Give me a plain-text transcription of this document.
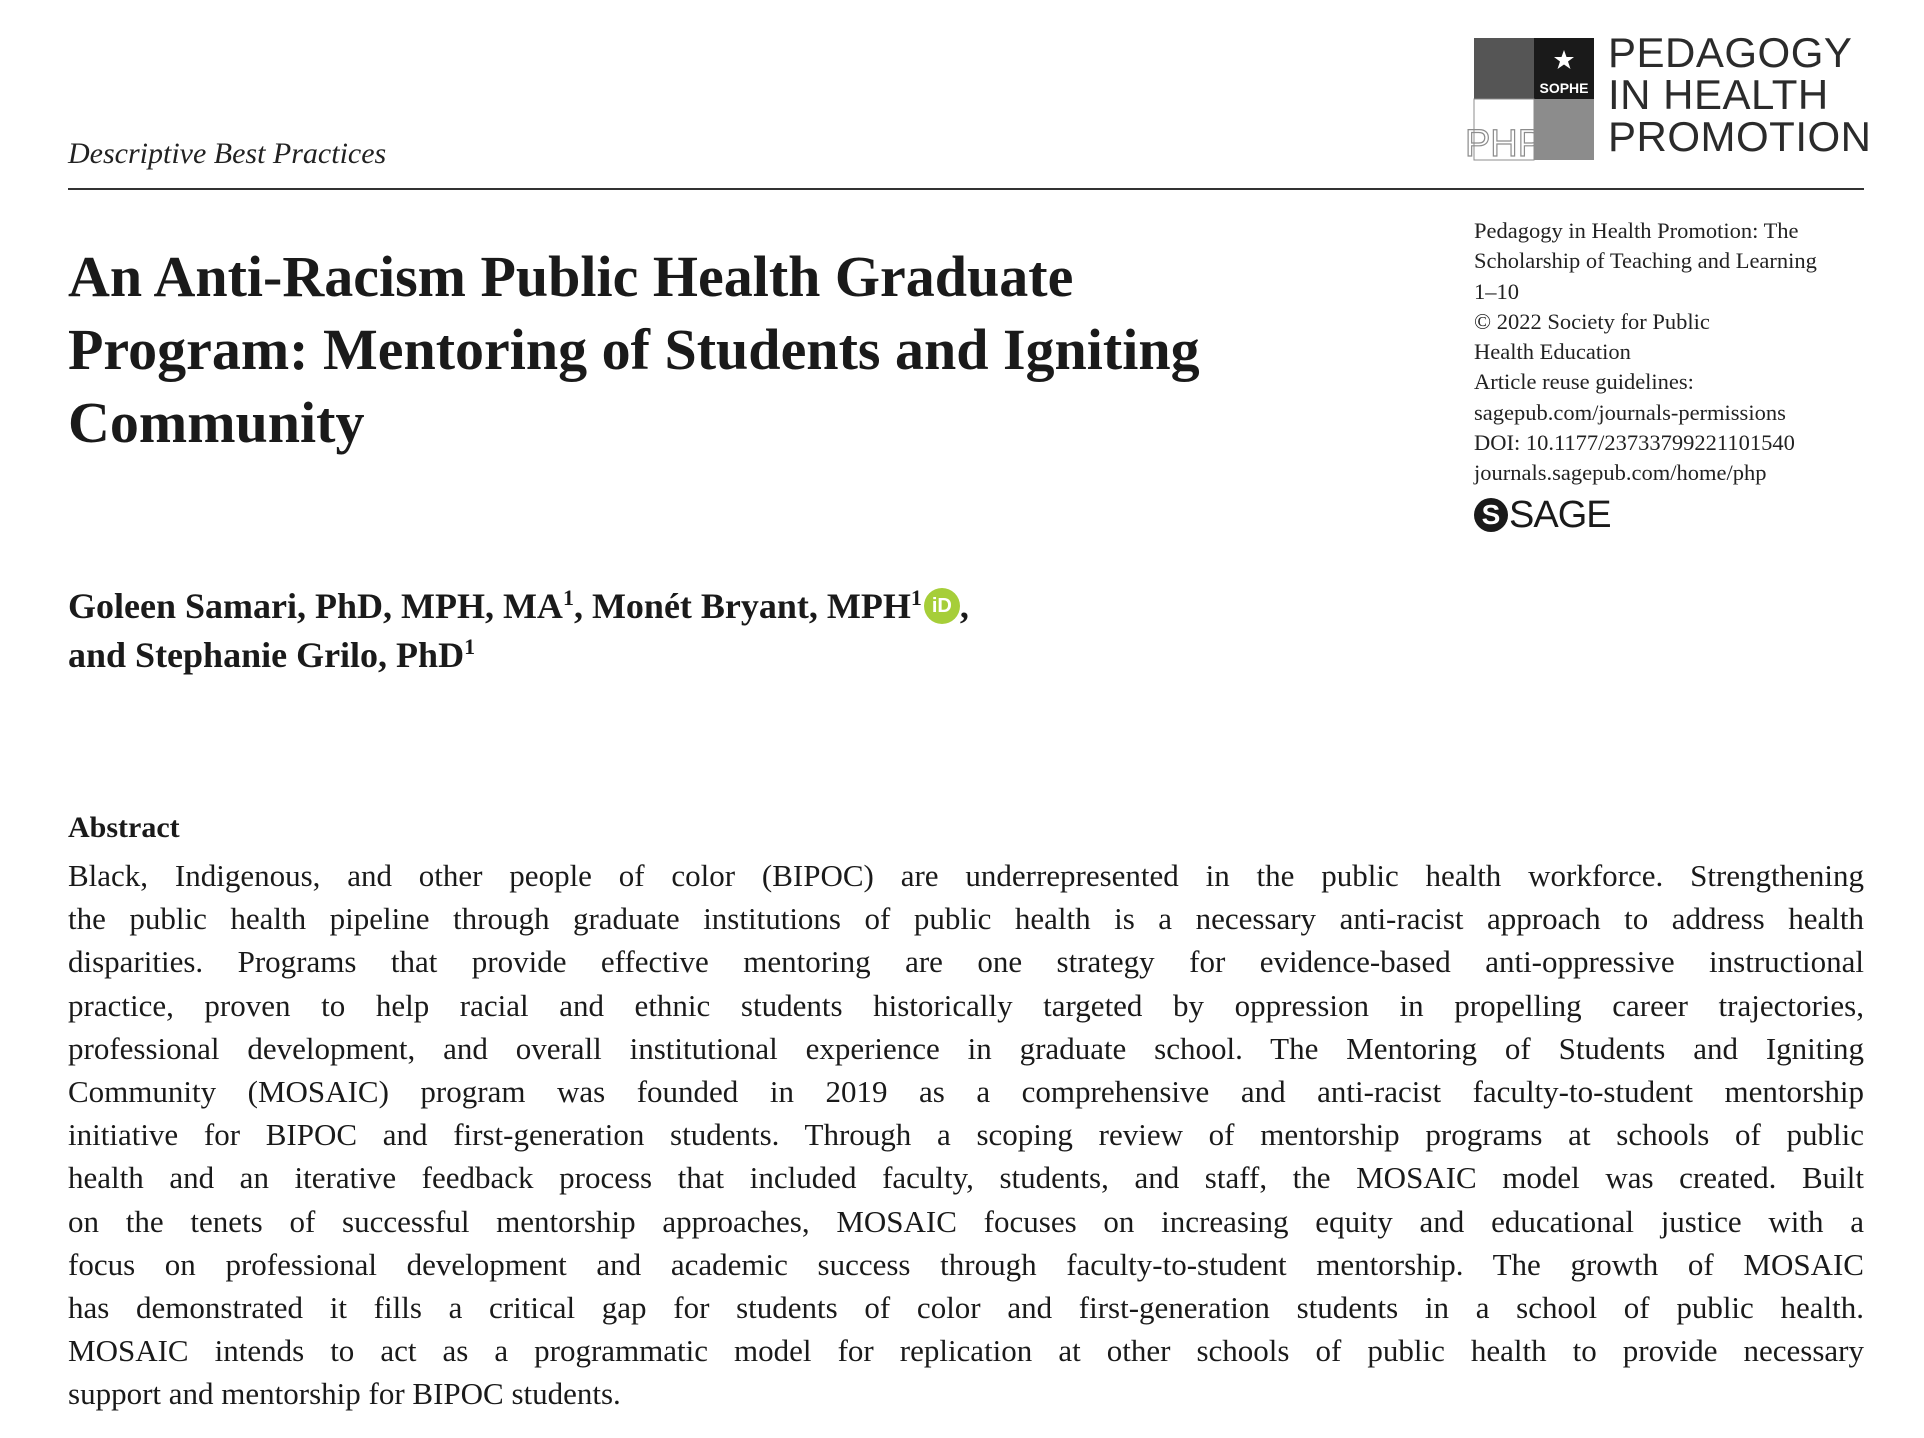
Descriptive Best Practices
SOPHE
PHP
PEDAGOGY
IN HEALTH
PROMOTION
An Anti-Racism Public Health Graduate Program: Mentoring of Students and Igniting Community
Pedagogy in Health Promotion: The
Scholarship of Teaching and Learning
1–10
© 2022 Society for Public
Health Education
Article reuse guidelines:
sagepub.com/journals-permissions
DOI: 10.1177/23733799221101540
journals.sagepub.com/home/php
S SAGE
Goleen Samari, PhD, MPH, $MA^1$, Monét Bryant, MPH$^1$ iD ,
and Stephanie Grilo, PhD$^1$
Abstract
Black, Indigenous, and other people of color (BIPOC) are underrepresented in the public health workforce. Strengthening
the public health pipeline through graduate institutions of public health is a necessary anti-racist approach to address health
disparities. Programs that provide effective mentoring are one strategy for evidence-based anti-oppressive instructional
practice, proven to help racial and ethnic students historically targeted by oppression in propelling career trajectories,
professional development, and overall institutional experience in graduate school. The Mentoring of Students and Igniting
Community (MOSAIC) program was founded in 2019 as a comprehensive and anti-racist faculty-to-student mentorship
initiative for BIPOC and first-generation students. Through a scoping review of mentorship programs at schools of public
health and an iterative feedback process that included faculty, students, and staff, the MOSAIC model was created. Built
on the tenets of successful mentorship approaches, MOSAIC focuses on increasing equity and educational justice with a
focus on professional development and academic success through faculty-to-student mentorship. The growth of MOSAIC
has demonstrated it fills a critical gap for students of color and first-generation students in a school of public health.
MOSAIC intends to act as a programmatic model for replication at other schools of public health to provide necessary
support and mentorship for BIPOC students.
